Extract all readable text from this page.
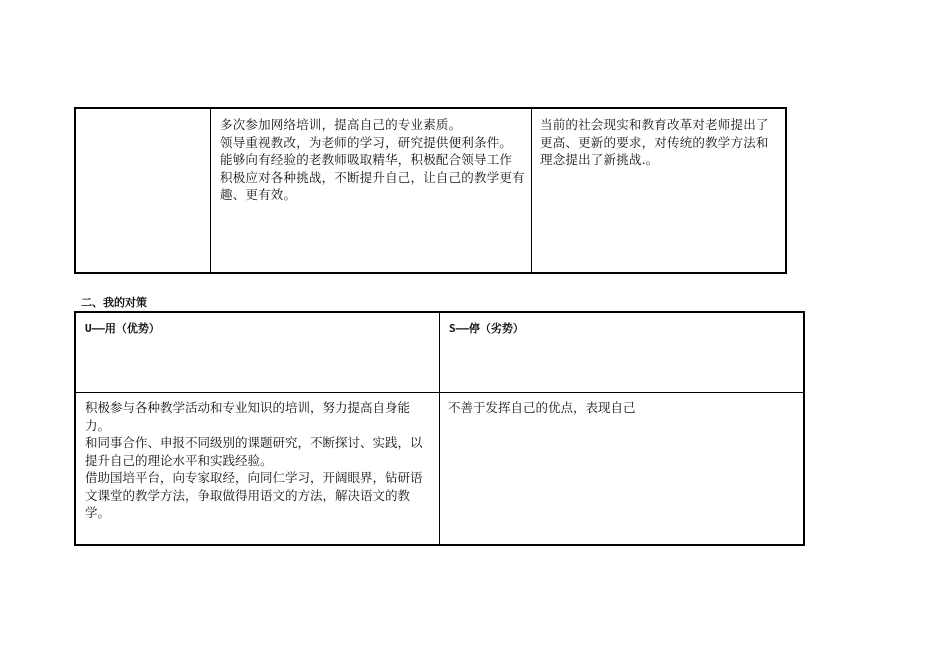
多次参加网络培训，提高自己的专业素质。

领导重视教改，为老师的学习，研究提供便利条件。

能够向有经验的老教师吸取精华，积极配合领导工作 积极应对各种挑战，不断提升自己，让自己的教学更有趣、更有效。

当前的社会现实和教育改革对老师提出了更高、更新的要求，对传统的教学方法和理念提出了新挑战.。

二、我的对策
U——用（优势）	S——停（劣势）

积极参与各种教学活动和专业知识的培训，努力提高自身能力。

和同事合作、申报不同级别的课题研究，不断探讨、实践，以提升自己的理论水平和实践经验。

借助国培平台，向专家取经，向同仁学习，开阔眼界，钻研语文课堂的教学方法，争取做得用语文的方法，解决语文的教学。

不善于发挥自己的优点，表现自己
